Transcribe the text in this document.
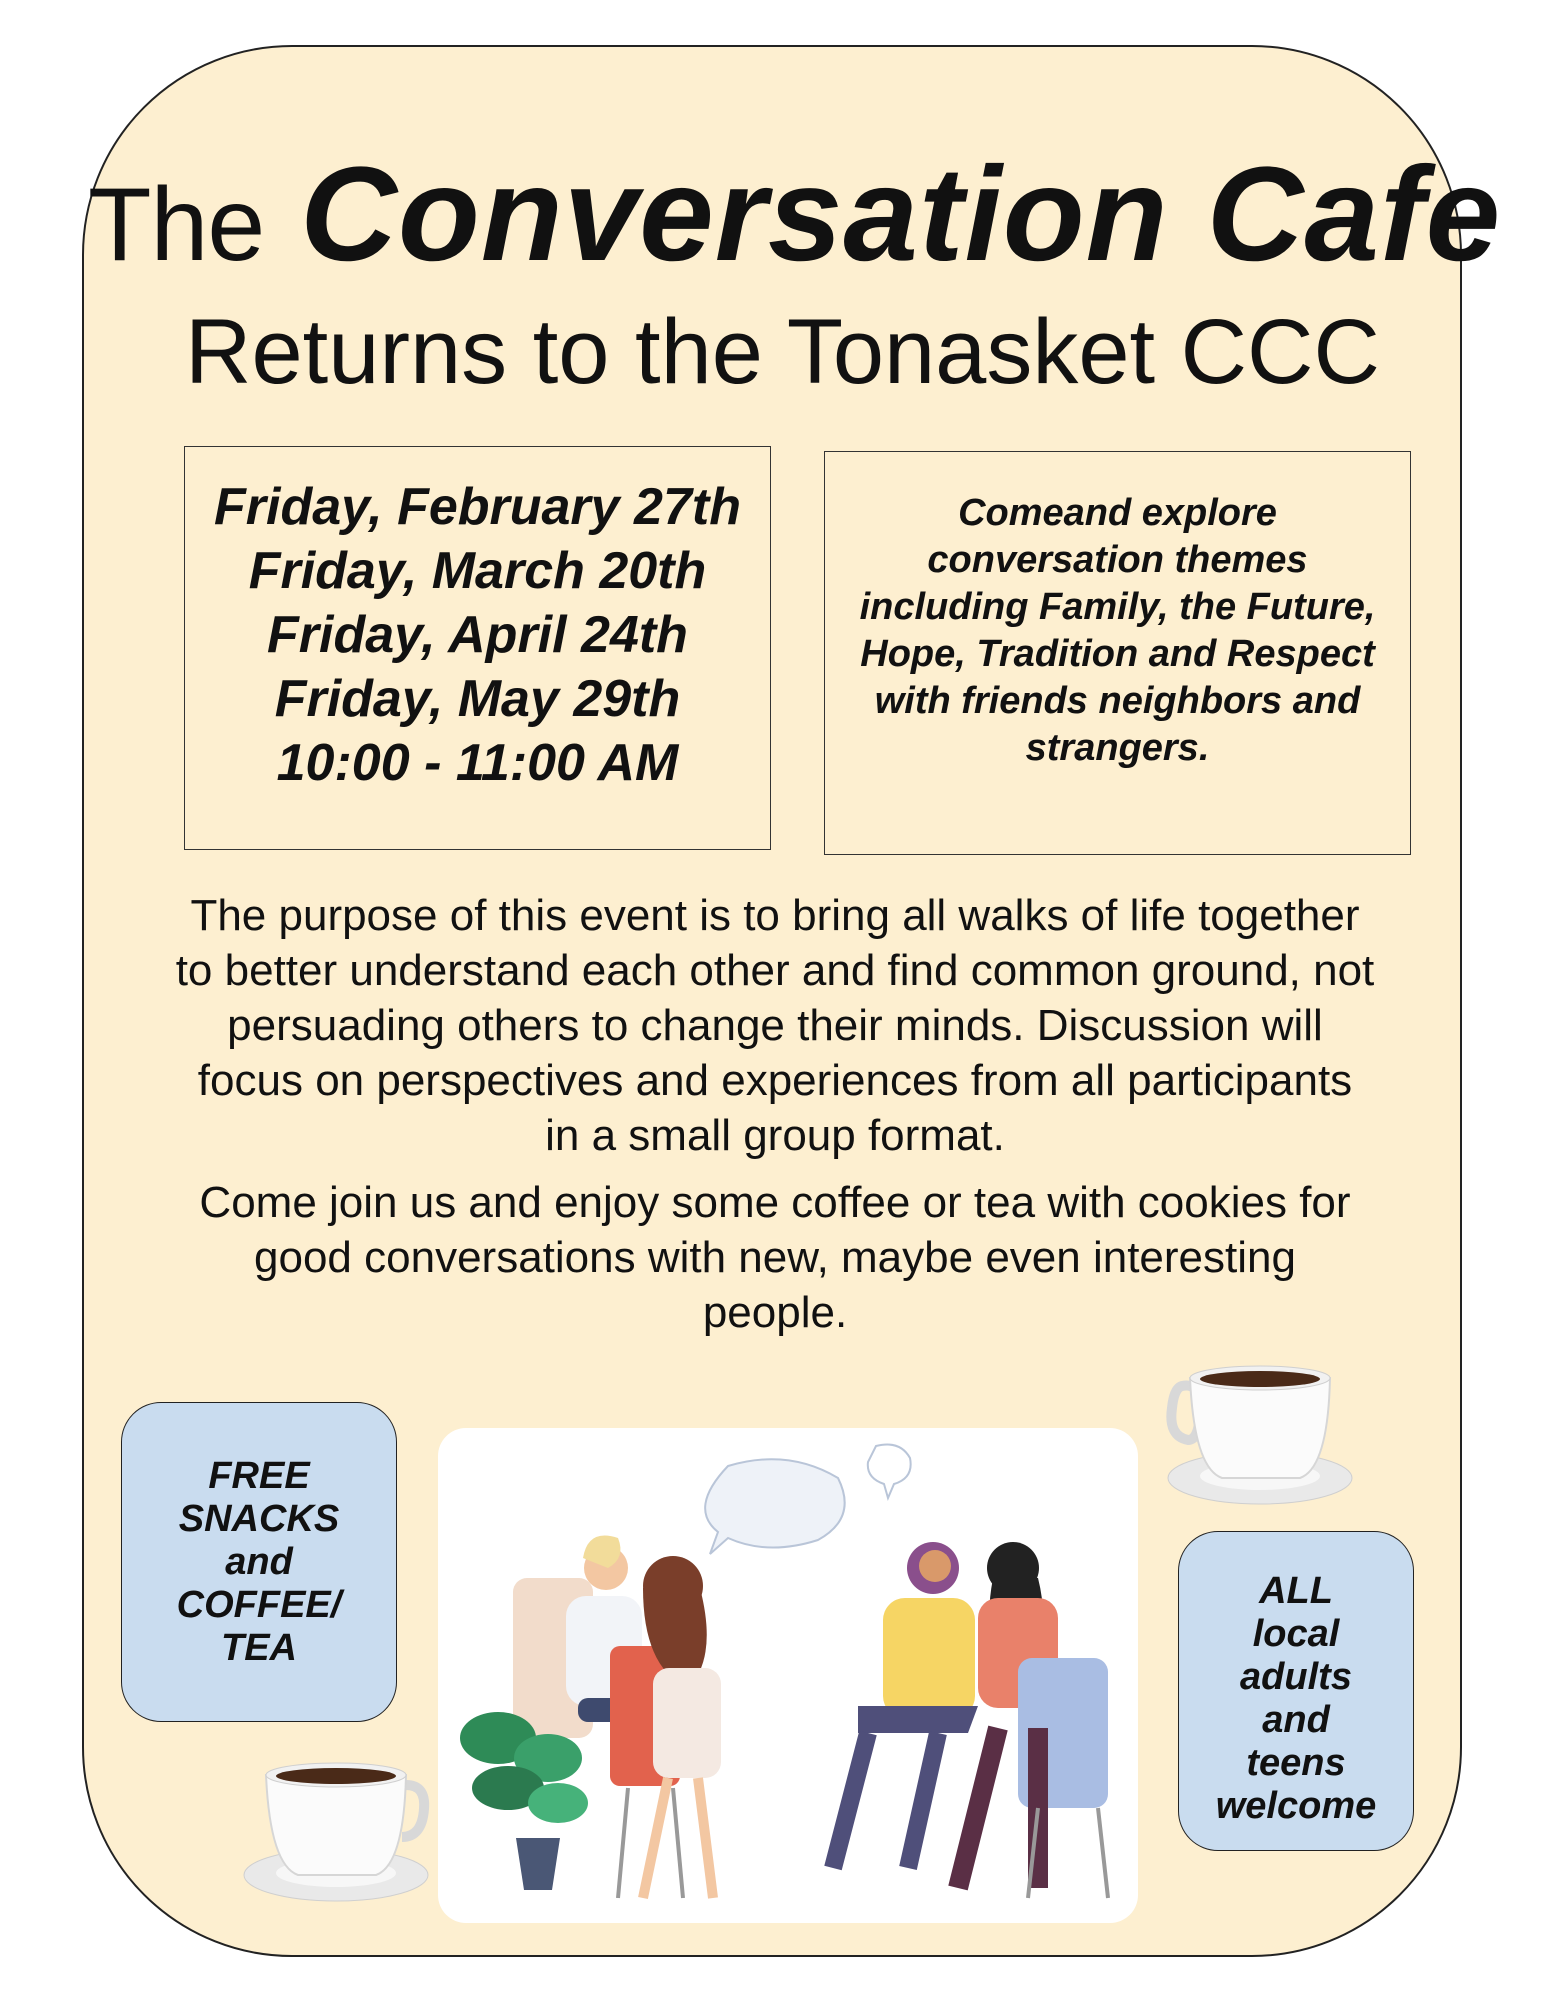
The Conversation Cafe
Returns to the Tonasket CCC
Friday, February 27th
Friday, March 20th
Friday, April 24th
Friday, May 29th
10:00 - 11:00 AM
Comeand explore
conversation themes
including Family, the Future,
Hope, Tradition and Respect
with friends neighbors and
strangers.
The purpose of this event is to bring all walks of life together
to better understand each other and find common ground, not
persuading others to change their minds. Discussion will
focus on perspectives and experiences from all participants
in a small group format.
Come join us and enjoy some coffee or tea with cookies for
good conversations with new, maybe even interesting
people.
FREE
SNACKS
and
COFFEE/
TEA
ALL
local
adults
and
teens
welcome
